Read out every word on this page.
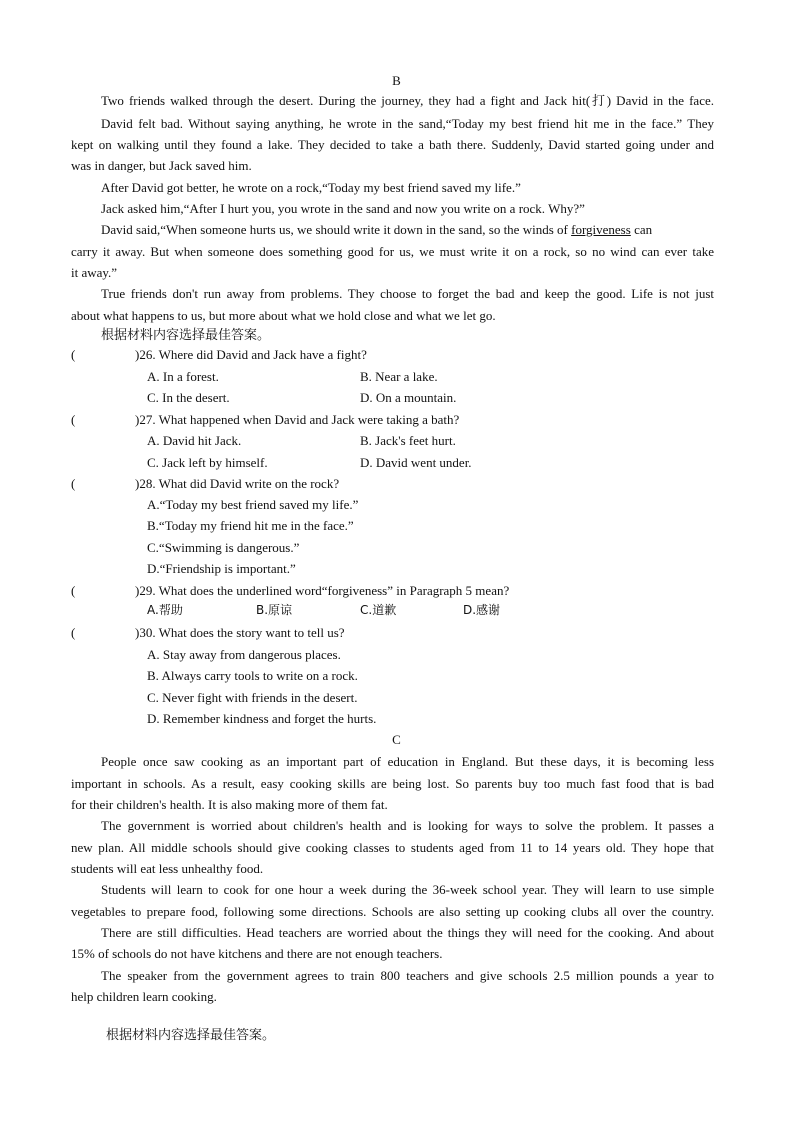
B
Two friends walked through the desert. During the journey, they had a fight and Jack hit(打) David in the face.
David felt bad. Without saying anything, he wrote in the sand,“Today my best friend hit me in the face.” They
kept on walking until they found a lake. They decided to take a bath there. Suddenly, David started going under and
was in danger, but Jack saved him.
After David got better, he wrote on a rock,“Today my best friend saved my life.”
Jack asked him,“After I hurt you, you wrote in the sand and now you write on a rock. Why?”
David said,“When someone hurts us, we should write it down in the sand, so the winds of forgiveness can
carry it away. But when someone does something good for us, we must write it on a rock, so no wind can ever take
it away.”
True friends don't run away from problems. They choose to forget the bad and keep the good. Life is not just
about what happens to us, but more about what we hold close and what we let go.
根据材料内容选择最佳答案。
(	)26. Where did David and Jack have a fight?
A. In a forest.	B. Near a lake.
C. In the desert.	D. On a mountain.
(	)27. What happened when David and Jack were taking a bath?
A. David hit Jack.	B. Jack's feet hurt.
C. Jack left by himself.	D. David went under.
(	)28. What did David write on the rock?
A.“Today my best friend saved my life.”
B.“Today my friend hit me in the face.”
C.“Swimming is dangerous.”
D.“Friendship is important.”
(	)29. What does the underlined word“forgiveness” in Paragraph 5 mean?
A.帮助	B.原谅	C.道歉	D.感谢
(	)30. What does the story want to tell us?
A. Stay away from dangerous places.
B. Always carry tools to write on a rock.
C. Never fight with friends in the desert.
D. Remember kindness and forget the hurts.
C
People once saw cooking as an important part of education in England. But these days, it is becoming less
important in schools. As a result, easy cooking skills are being lost. So parents buy too much fast food that is bad
for their children's health. It is also making more of them fat.
The government is worried about children's health and is looking for ways to solve the problem. It passes a
new plan. All middle schools should give cooking classes to students aged from 11 to 14 years old. They hope that
students will eat less unhealthy food.
Students will learn to cook for one hour a week during the 36-week school year. They will learn to use simple
vegetables to prepare food, following some directions. Schools are also setting up cooking clubs all over the country.
There are still difficulties. Head teachers are worried about the things they will need for the cooking. And about
15% of schools do not have kitchens and there are not enough teachers.
The speaker from the government agrees to train 800 teachers and give schools 2.5 million pounds a year to
help children learn cooking.
根据材料内容选择最佳答案。
